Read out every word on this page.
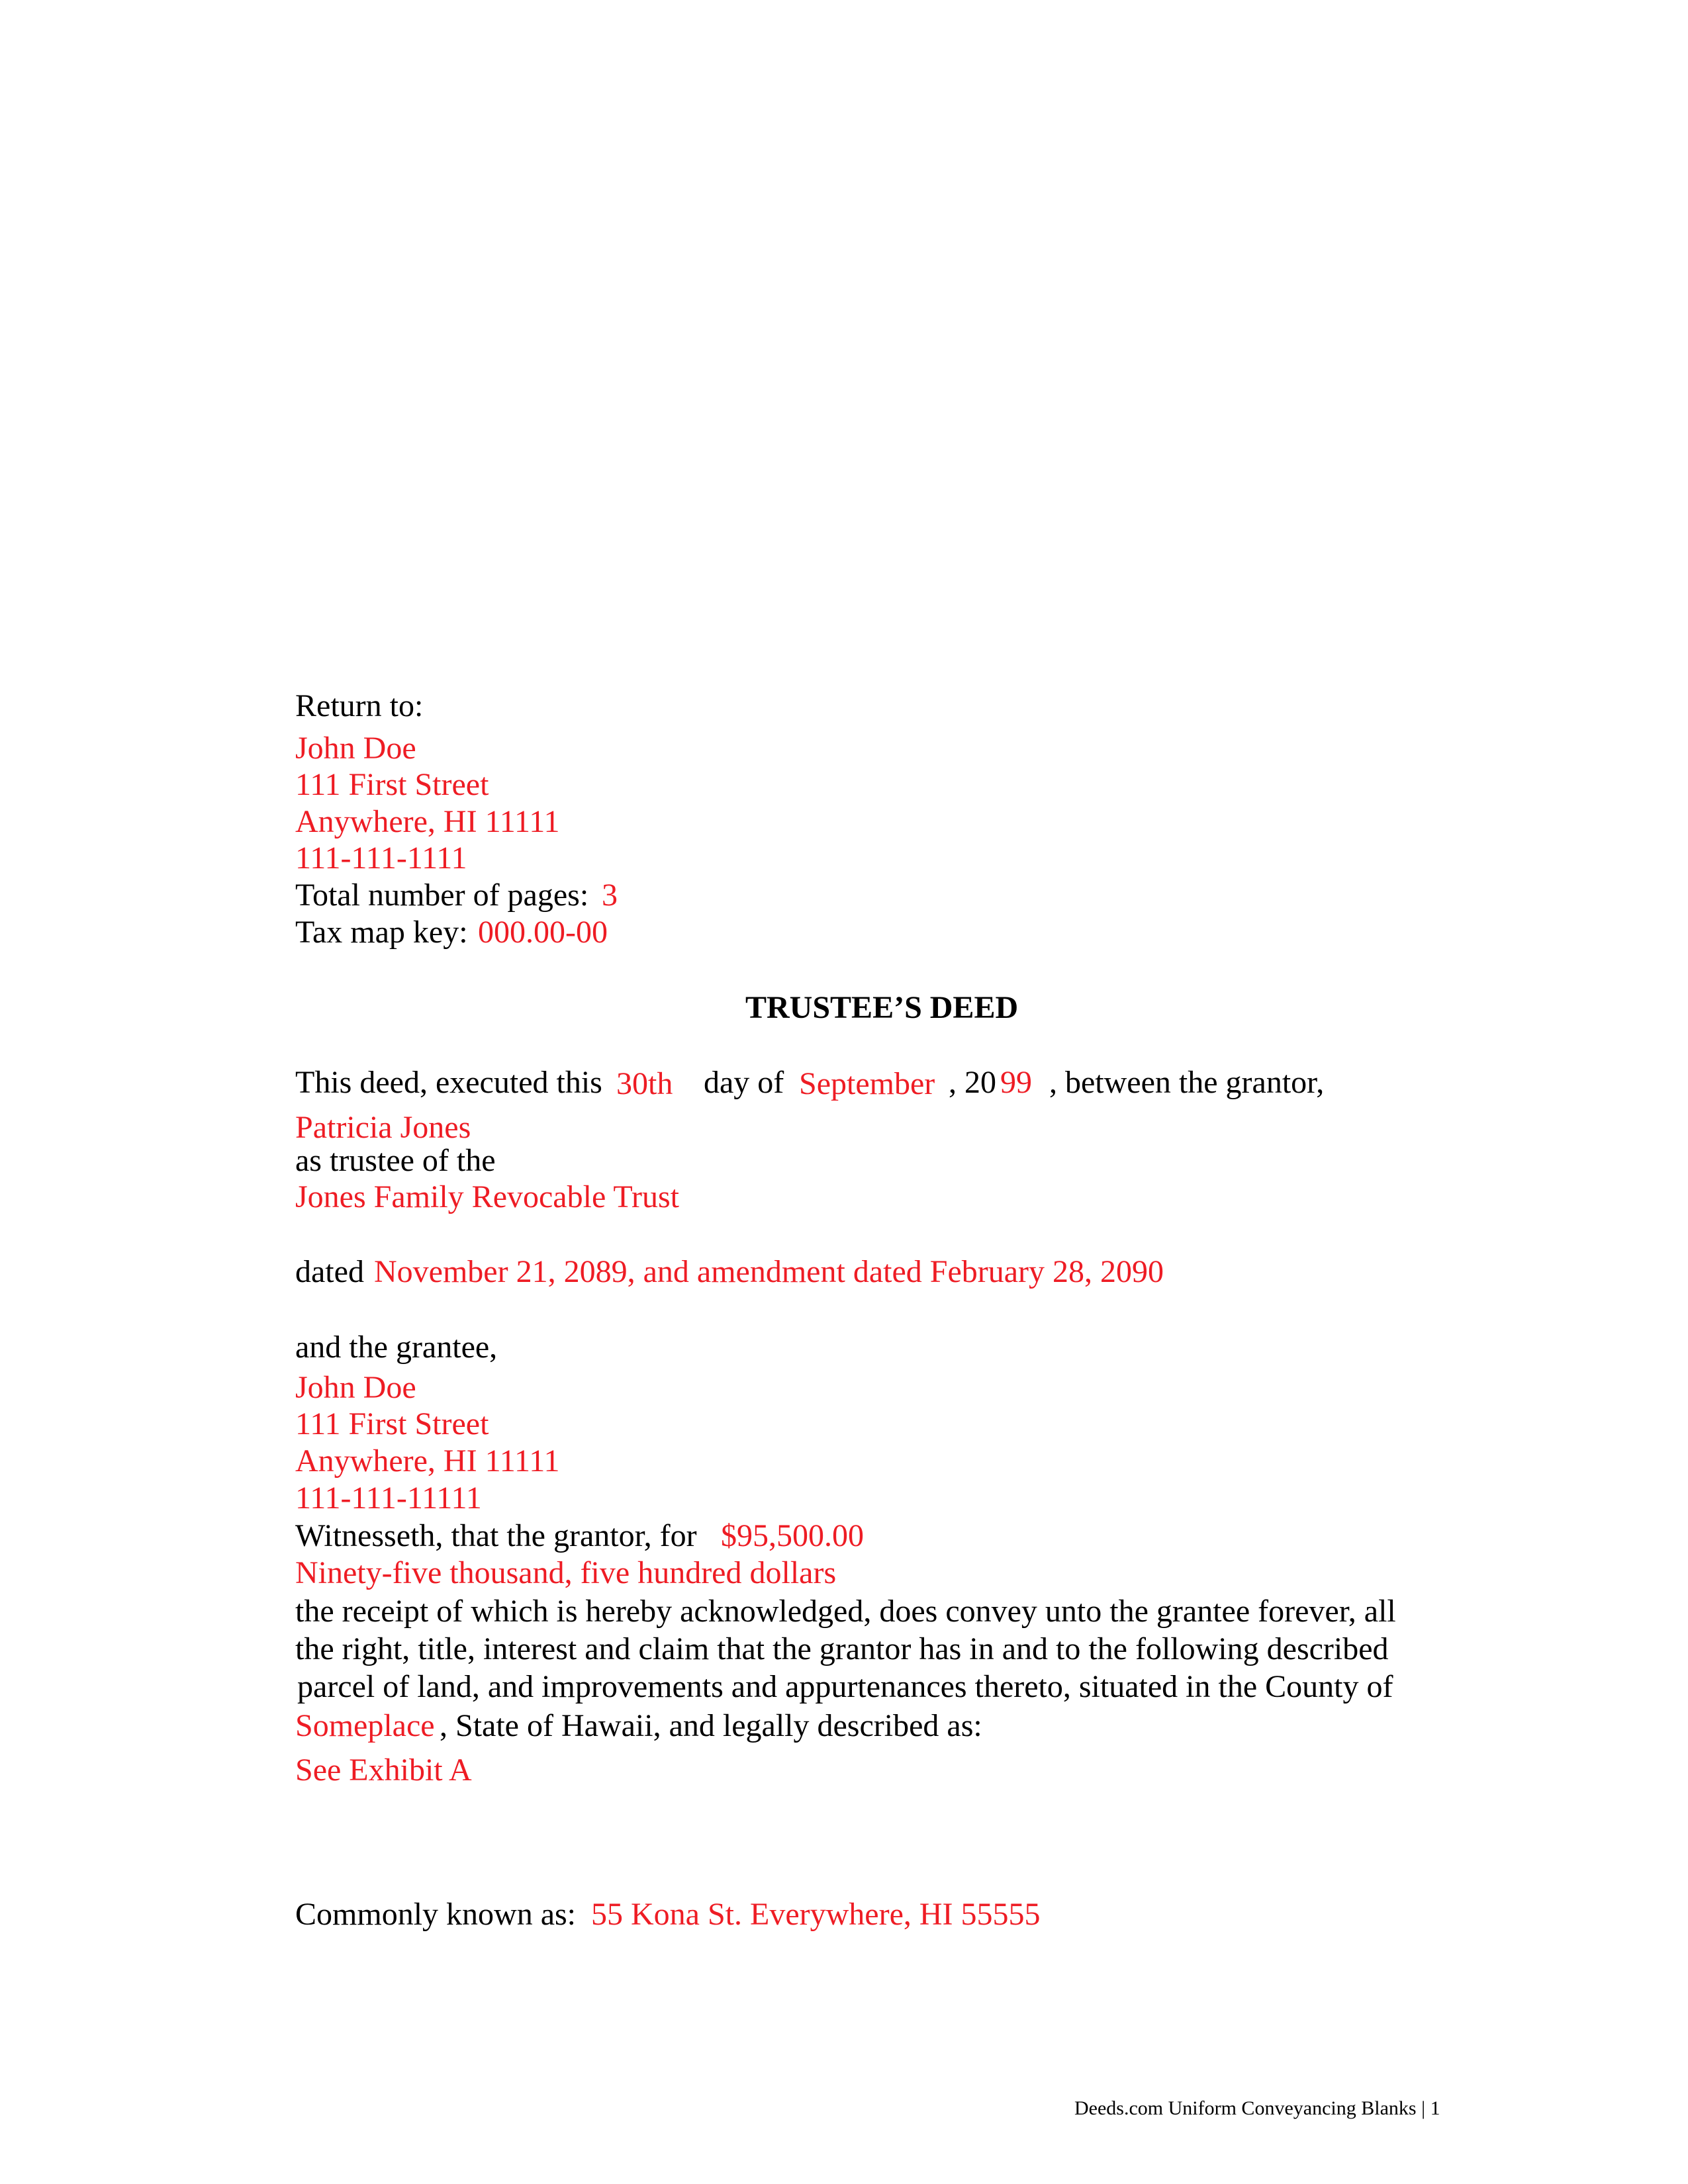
Return to:
John Doe
111 First Street
Anywhere, HI 11111
111-111-1111
Total number of pages: 3
Tax map key: 000.00-00
TRUSTEE’S DEED
This deed, executed this 30th day of September , 20 99 , between the grantor,
Patricia Jones
as trustee of the
Jones Family Revocable Trust
dated November 21, 2089, and amendment dated February 28, 2090
and the grantee,
John Doe
111 First Street
Anywhere, HI 11111
111-111-11111
Witnesseth, that the grantor, for $95,500.00
Ninety-five thousand, five hundred dollars
the receipt of which is hereby acknowledged, does convey unto the grantee forever, all
the right, title, interest and claim that the grantor has in and to the following described
parcel of land, and improvements and appurtenances thereto, situated in the County of
Someplace , State of Hawaii, and legally described as:
See Exhibit A
Commonly known as: 55 Kona St. Everywhere, HI 55555
Deeds.com Uniform Conveyancing Blanks | 1
